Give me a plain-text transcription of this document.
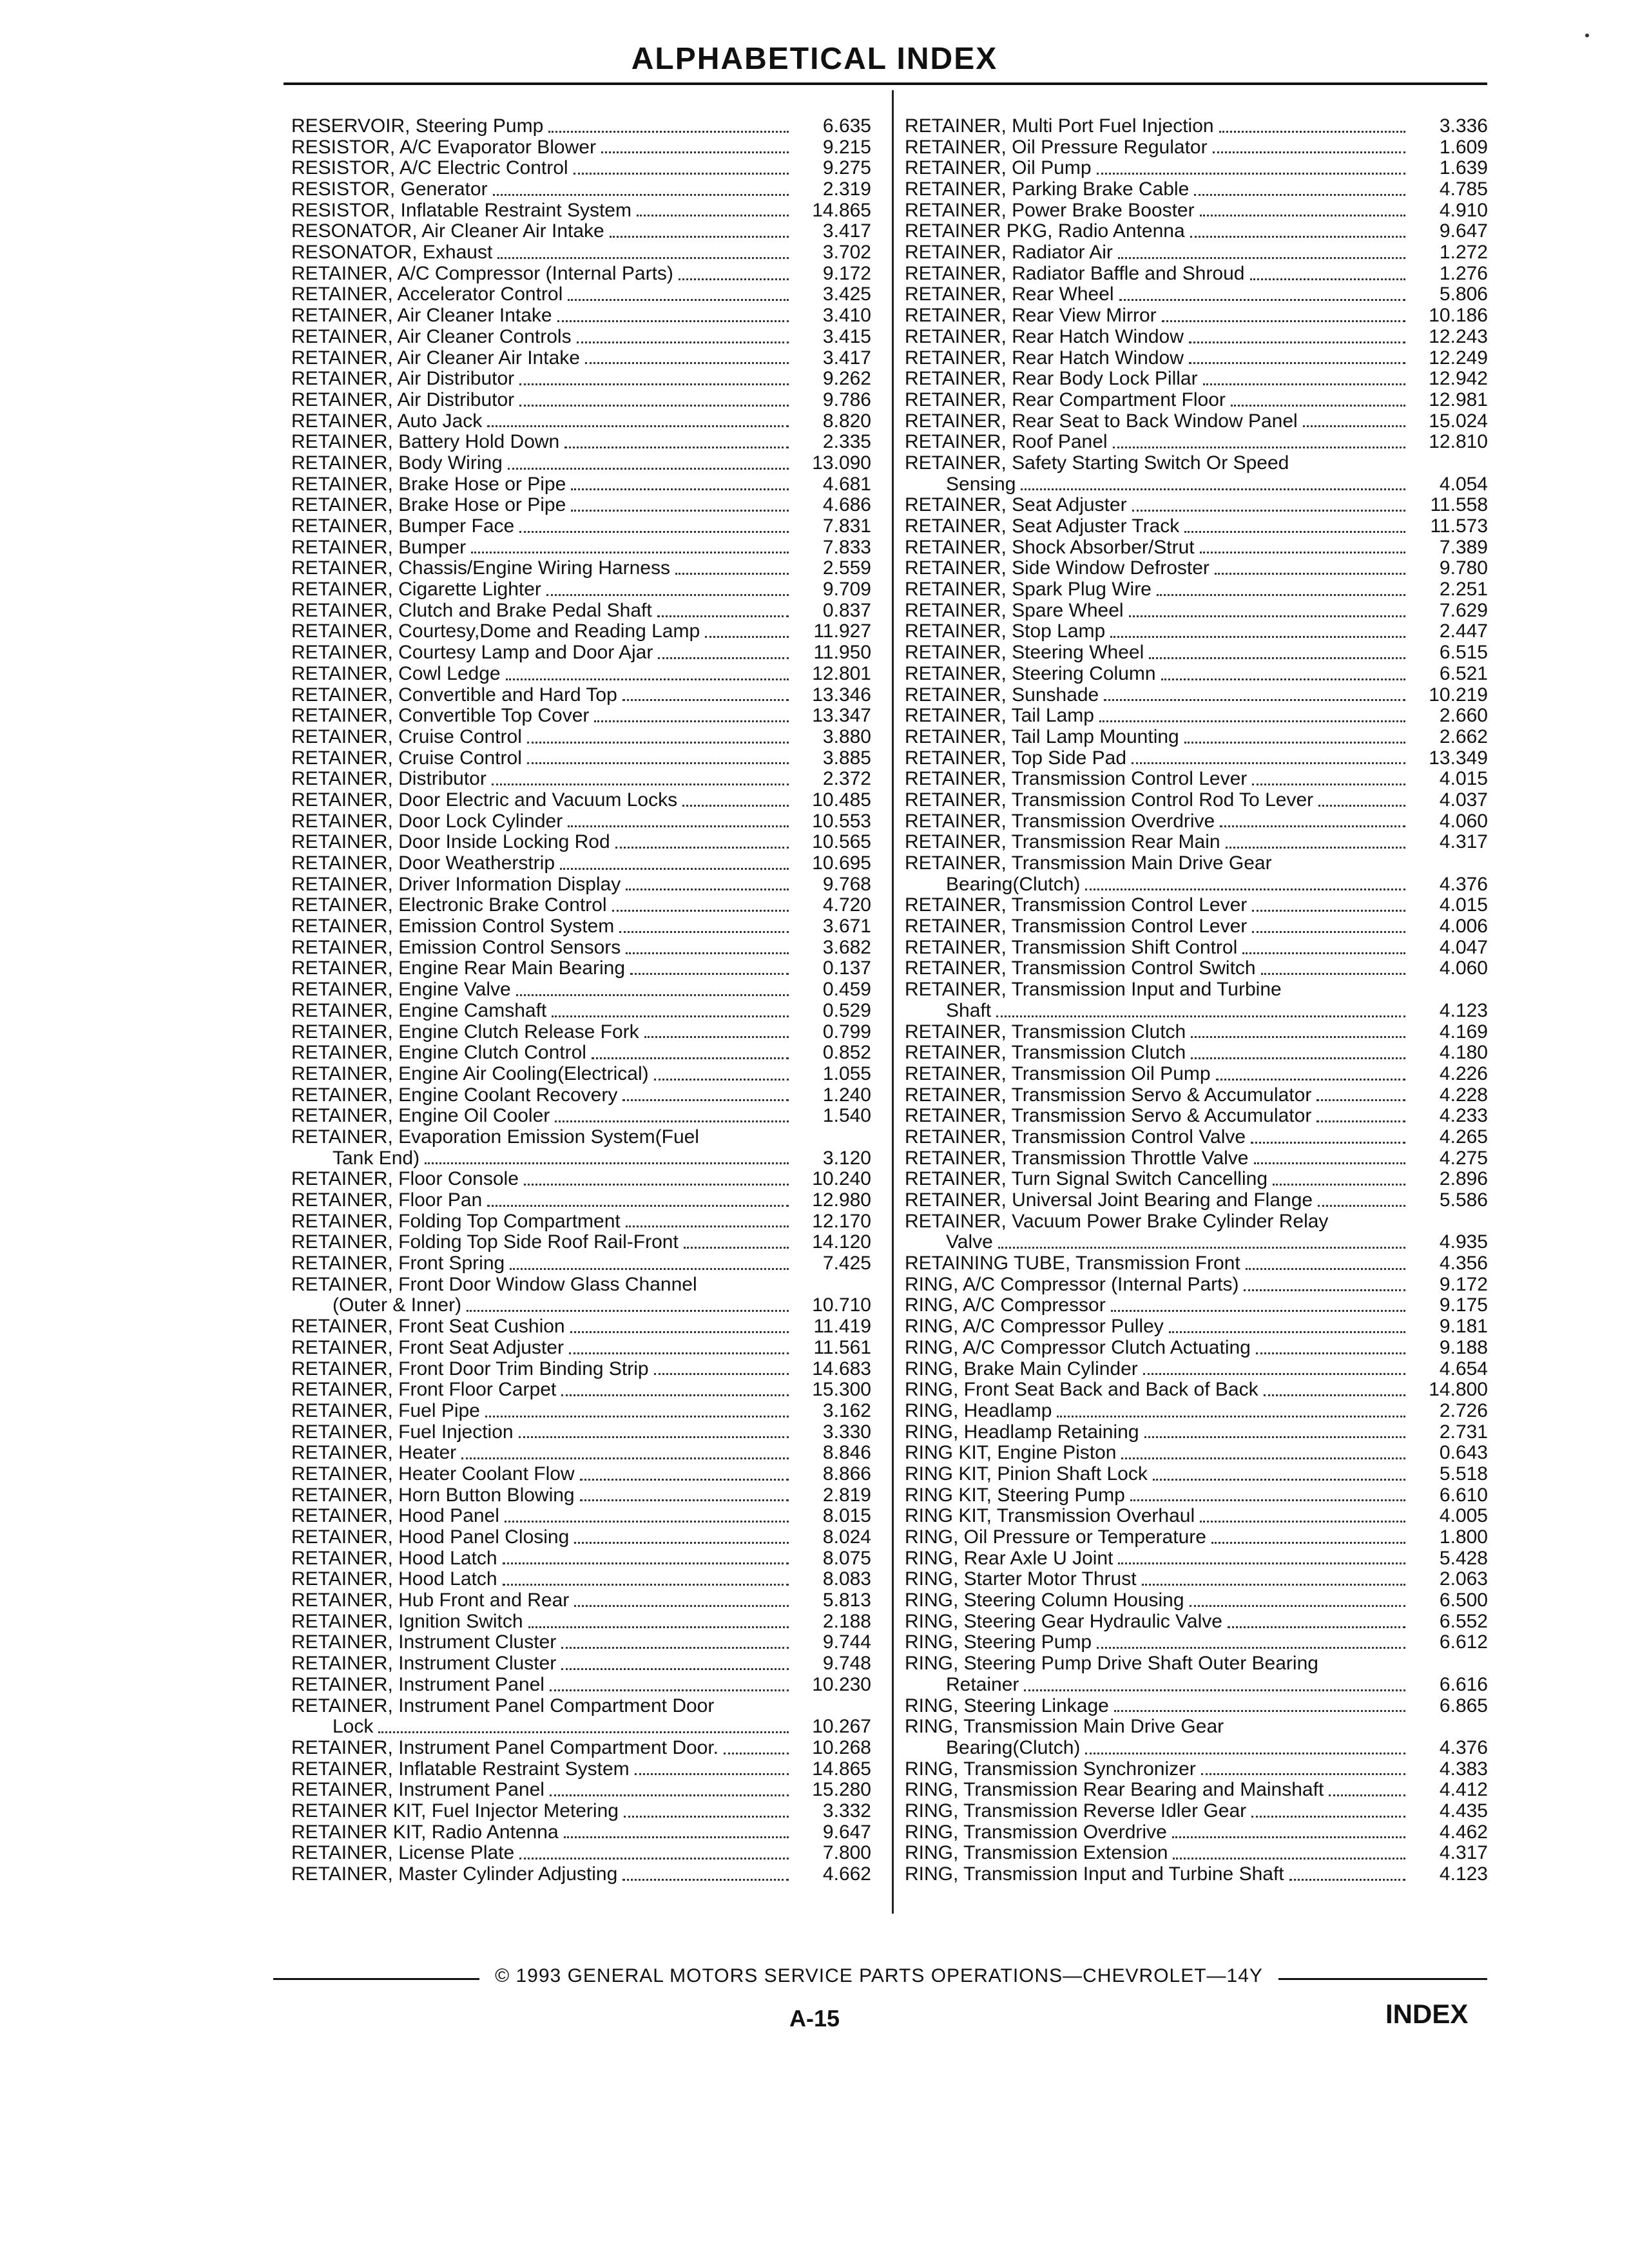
ALPHABETICAL INDEX
RESERVOIR, Steering Pump	6.635
RESISTOR, A/C Evaporator Blower	9.215
RESISTOR, A/C Electric Control	9.275
RESISTOR, Generator	2.319
RESISTOR, Inflatable Restraint System	14.865
RESONATOR, Air Cleaner Air Intake	3.417
RESONATOR, Exhaust	3.702
RETAINER, A/C Compressor (Internal Parts)	9.172
RETAINER, Accelerator Control	3.425
RETAINER, Air Cleaner Intake	3.410
RETAINER, Air Cleaner Controls	3.415
RETAINER, Air Cleaner Air Intake	3.417
RETAINER, Air Distributor	9.262
RETAINER, Air Distributor	9.786
RETAINER, Auto Jack	8.820
RETAINER, Battery Hold Down	2.335
RETAINER, Body Wiring	13.090
RETAINER, Brake Hose or Pipe	4.681
RETAINER, Brake Hose or Pipe	4.686
RETAINER, Bumper Face	7.831
RETAINER, Bumper	7.833
RETAINER, Chassis/Engine Wiring Harness	2.559
RETAINER, Cigarette Lighter	9.709
RETAINER, Clutch and Brake Pedal Shaft	0.837
RETAINER, Courtesy,Dome and Reading Lamp	11.927
RETAINER, Courtesy Lamp and Door Ajar	11.950
RETAINER, Cowl Ledge	12.801
RETAINER, Convertible and Hard Top	13.346
RETAINER, Convertible Top Cover	13.347
RETAINER, Cruise Control	3.880
RETAINER, Cruise Control	3.885
RETAINER, Distributor	2.372
RETAINER, Door Electric and Vacuum Locks	10.485
RETAINER, Door Lock Cylinder	10.553
RETAINER, Door Inside Locking Rod	10.565
RETAINER, Door Weatherstrip	10.695
RETAINER, Driver Information Display	9.768
RETAINER, Electronic Brake Control	4.720
RETAINER, Emission Control System	3.671
RETAINER, Emission Control Sensors	3.682
RETAINER, Engine Rear Main Bearing	0.137
RETAINER, Engine Valve	0.459
RETAINER, Engine Camshaft	0.529
RETAINER, Engine Clutch Release Fork	0.799
RETAINER, Engine Clutch Control	0.852
RETAINER, Engine Air Cooling(Electrical)	1.055
RETAINER, Engine Coolant Recovery	1.240
RETAINER, Engine Oil Cooler	1.540
RETAINER, Evaporation Emission System(Fuel
Tank End)	3.120
RETAINER, Floor Console	10.240
RETAINER, Floor Pan	12.980
RETAINER, Folding Top Compartment	12.170
RETAINER, Folding Top Side Roof Rail-Front	14.120
RETAINER, Front Spring	7.425
RETAINER, Front Door Window Glass Channel
(Outer & Inner)	10.710
RETAINER, Front Seat Cushion	11.419
RETAINER, Front Seat Adjuster	11.561
RETAINER, Front Door Trim Binding Strip	14.683
RETAINER, Front Floor Carpet	15.300
RETAINER, Fuel Pipe	3.162
RETAINER, Fuel Injection	3.330
RETAINER, Heater	8.846
RETAINER, Heater Coolant Flow	8.866
RETAINER, Horn Button Blowing	2.819
RETAINER, Hood Panel	8.015
RETAINER, Hood Panel Closing	8.024
RETAINER, Hood Latch	8.075
RETAINER, Hood Latch	8.083
RETAINER, Hub Front and Rear	5.813
RETAINER, Ignition Switch	2.188
RETAINER, Instrument Cluster	9.744
RETAINER, Instrument Cluster	9.748
RETAINER, Instrument Panel	10.230
RETAINER, Instrument Panel Compartment Door
Lock	10.267
RETAINER, Instrument Panel Compartment Door.	10.268
RETAINER, Inflatable Restraint System	14.865
RETAINER, Instrument Panel	15.280
RETAINER KIT, Fuel Injector Metering	3.332
RETAINER KIT, Radio Antenna	9.647
RETAINER, License Plate	7.800
RETAINER, Master Cylinder Adjusting	4.662
RETAINER, Multi Port Fuel Injection	3.336
RETAINER, Oil Pressure Regulator	1.609
RETAINER, Oil Pump	1.639
RETAINER, Parking Brake Cable	4.785
RETAINER, Power Brake Booster	4.910
RETAINER PKG, Radio Antenna	9.647
RETAINER, Radiator Air	1.272
RETAINER, Radiator Baffle and Shroud	1.276
RETAINER, Rear Wheel	5.806
RETAINER, Rear View Mirror	10.186
RETAINER, Rear Hatch Window	12.243
RETAINER, Rear Hatch Window	12.249
RETAINER, Rear Body Lock Pillar	12.942
RETAINER, Rear Compartment Floor	12.981
RETAINER, Rear Seat to Back Window Panel	15.024
RETAINER, Roof Panel	12.810
RETAINER, Safety Starting Switch Or Speed
Sensing	4.054
RETAINER, Seat Adjuster	11.558
RETAINER, Seat Adjuster Track	11.573
RETAINER, Shock Absorber/Strut	7.389
RETAINER, Side Window Defroster	9.780
RETAINER, Spark Plug Wire	2.251
RETAINER, Spare Wheel	7.629
RETAINER, Stop Lamp	2.447
RETAINER, Steering Wheel	6.515
RETAINER, Steering Column	6.521
RETAINER, Sunshade	10.219
RETAINER, Tail Lamp	2.660
RETAINER, Tail Lamp Mounting	2.662
RETAINER, Top Side Pad	13.349
RETAINER, Transmission Control Lever	4.015
RETAINER, Transmission Control Rod To Lever	4.037
RETAINER, Transmission Overdrive	4.060
RETAINER, Transmission Rear Main	4.317
RETAINER, Transmission Main Drive Gear
Bearing(Clutch)	4.376
RETAINER, Transmission Control Lever	4.015
RETAINER, Transmission Control Lever	4.006
RETAINER, Transmission Shift Control	4.047
RETAINER, Transmission Control Switch	4.060
RETAINER, Transmission Input and Turbine
Shaft	4.123
RETAINER, Transmission Clutch	4.169
RETAINER, Transmission Clutch	4.180
RETAINER, Transmission Oil Pump	4.226
RETAINER, Transmission Servo & Accumulator	4.228
RETAINER, Transmission Servo & Accumulator	4.233
RETAINER, Transmission Control Valve	4.265
RETAINER, Transmission Throttle Valve	4.275
RETAINER, Turn Signal Switch Cancelling	2.896
RETAINER, Universal Joint Bearing and Flange	5.586
RETAINER, Vacuum Power Brake Cylinder Relay
Valve	4.935
RETAINING TUBE, Transmission Front	4.356
RING, A/C Compressor (Internal Parts)	9.172
RING, A/C Compressor	9.175
RING, A/C Compressor Pulley	9.181
RING, A/C Compressor Clutch Actuating	9.188
RING, Brake Main Cylinder	4.654
RING, Front Seat Back and Back of Back	14.800
RING, Headlamp	2.726
RING, Headlamp Retaining	2.731
RING KIT, Engine Piston	0.643
RING KIT, Pinion Shaft Lock	5.518
RING KIT, Steering Pump	6.610
RING KIT, Transmission Overhaul	4.005
RING, Oil Pressure or Temperature	1.800
RING, Rear Axle U Joint	5.428
RING, Starter Motor Thrust	2.063
RING, Steering Column Housing	6.500
RING, Steering Gear Hydraulic Valve	6.552
RING, Steering Pump	6.612
RING, Steering Pump Drive Shaft Outer Bearing
Retainer	6.616
RING, Steering Linkage	6.865
RING, Transmission Main Drive Gear
Bearing(Clutch)	4.376
RING, Transmission Synchronizer	4.383
RING, Transmission Rear Bearing and Mainshaft	4.412
RING, Transmission Reverse Idler Gear	4.435
RING, Transmission Overdrive	4.462
RING, Transmission Extension	4.317
RING, Transmission Input and Turbine Shaft	4.123
© 1993 GENERAL MOTORS SERVICE PARTS OPERATIONS—CHEVROLET—14Y
A-15	INDEX
